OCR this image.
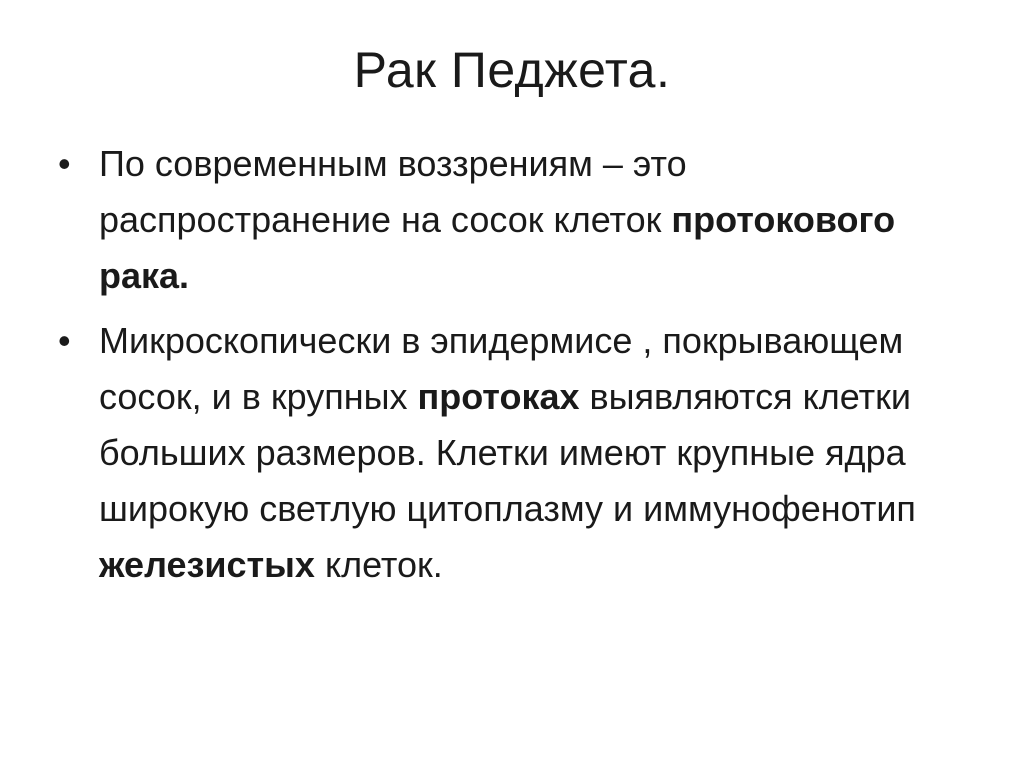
Рак Педжета.
• По современным воззрениям – это распространение на сосок клеток протокового рака.
• Микроскопически в эпидермисе , покрывающем сосок, и в крупных протоках выявляются клетки больших размеров. Клетки имеют крупные ядра широкую светлую цитоплазму и иммунофенотип железистых клеток.
